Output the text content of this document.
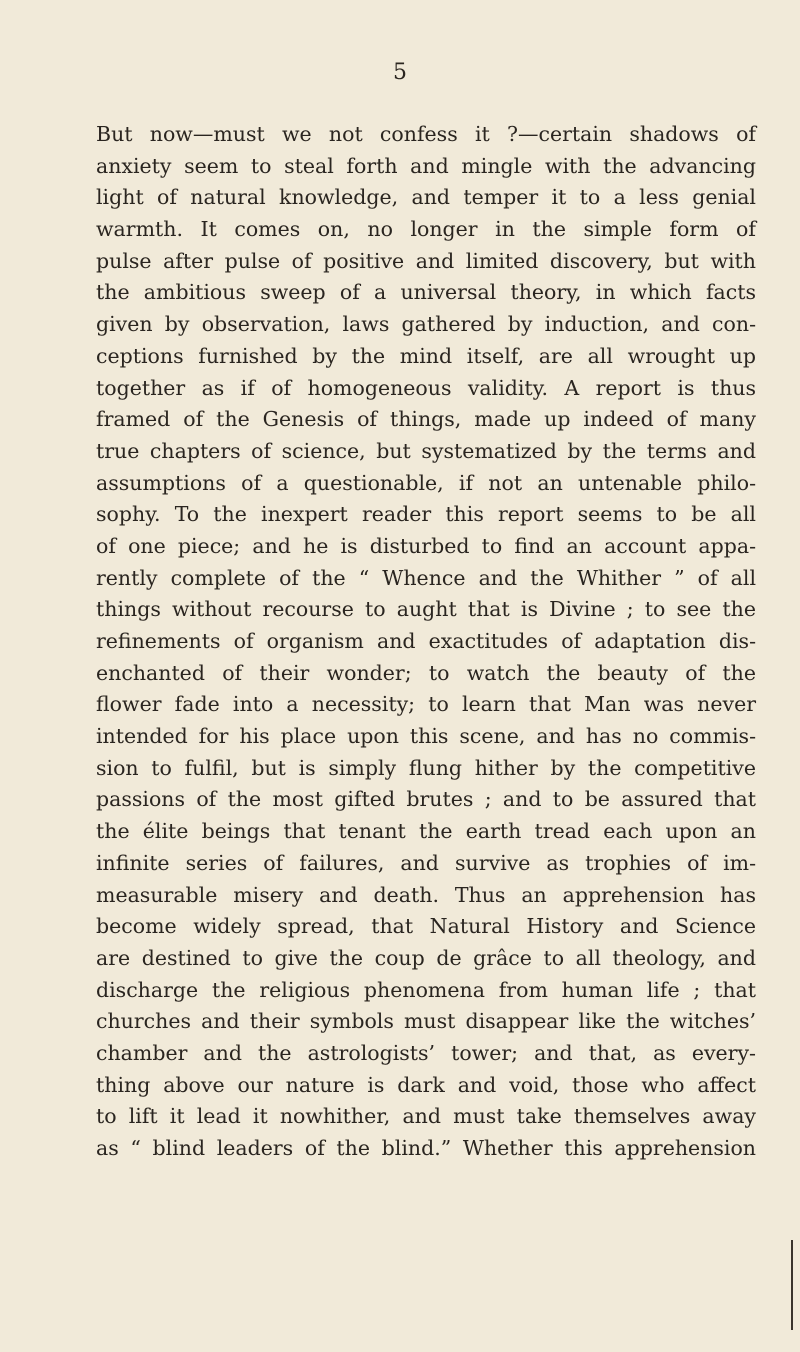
5
But now—must we not confess it ?—certain shadows of
anxiety seem to steal forth and mingle with the advancing
light of natural knowledge, and temper it to a less genial
warmth. It comes on, no longer in the simple form of
pulse after pulse of positive and limited discovery, but with
the ambitious sweep of a universal theory, in which facts
given by observation, laws gathered by induction, and con-
ceptions furnished by the mind itself, are all wrought up
together as if of homogeneous validity. A report is thus
framed of the Genesis of things, made up indeed of many
true chapters of science, but systematized by the terms and
assumptions of a questionable, if not an untenable philo-
sophy. To the inexpert reader this report seems to be all
of one piece; and he is disturbed to find an account appa-
rently complete of the “ Whence and the Whither ” of all
things without recourse to aught that is Divine ; to see the
refinements of organism and exactitudes of adaptation dis-
enchanted of their wonder; to watch the beauty of the
flower fade into a necessity; to learn that Man was never
intended for his place upon this scene, and has no commis-
sion to fulfil, but is simply flung hither by the competitive
passions of the most gifted brutes ; and to be assured that
the élite beings that tenant the earth tread each upon an
infinite series of failures, and survive as trophies of im-
measurable misery and death. Thus an apprehension has
become widely spread, that Natural History and Science
are destined to give the coup de grâce to all theology, and
discharge the religious phenomena from human life ; that
churches and their symbols must disappear like the witches’
chamber and the astrologists’ tower; and that, as every-
thing above our nature is dark and void, those who affect
to lift it lead it nowhither, and must take themselves away
as “ blind leaders of the blind.” Whether this apprehension
